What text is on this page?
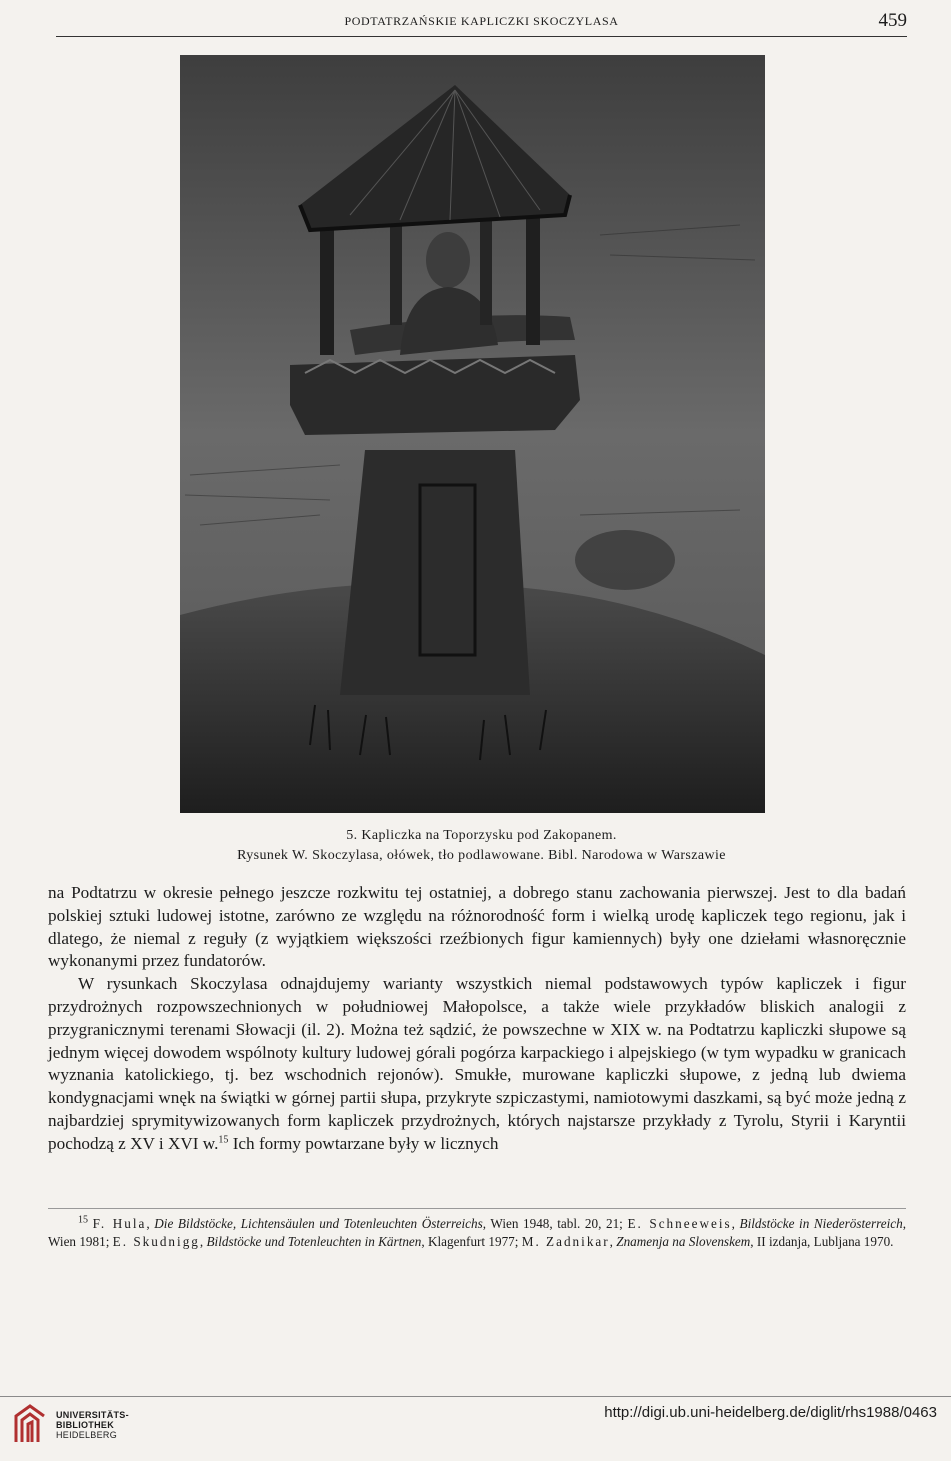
PODTATRZAŃSKIE KAPLICZKI SKOCZYLASA	459
5. Kapliczka na Toporzysku pod Zakopanem.
Rysunek W. Skoczylasa, ołówek, tło podlawowane. Bibl. Narodowa w Warszawie

na Podtatrzu w okresie pełnego jeszcze rozkwitu tej ostatniej, a dobrego stanu zachowania pierwszej. Jest to dla badań polskiej sztuki ludowej istotne, zarówno ze względu na różnorodność form i wielką urodę kapliczek tego regionu, jak i dlatego, że niemal z reguły (z wyjątkiem większości rzeźbionych figur kamiennych) były one dziełami własnoręcznie wykonanymi przez fundatorów.

W rysunkach Skoczylasa odnajdujemy warianty wszystkich niemal podstawowych typów kapliczek i figur przydrożnych rozpowszechnionych w południowej Małopolsce, a także wiele przykładów bliskich analogii z przygranicznymi terenami Słowacji (il. 2). Można też sądzić, że powszechne w XIX w. na Podtatrzu kapliczki słupowe są jednym więcej dowodem wspólnoty kultury ludowej górali pogórza karpackiego i alpejskiego (w tym wypadku w granicach wyznania katolickiego, tj. bez wschodnich rejonów). Smukłe, murowane kapliczki słupowe, z jedną lub dwiema kondygnacjami wnęk na świątki w górnej partii słupa, przykryte szpiczastymi, namiotowymi daszkami, są być może jedną z najbardziej sprymitywizowanych form kapliczek przydrożnych, których najstarsze przykłady z Tyrolu, Styrii i Karyntii pochodzą z XV i XVI w.$^{15}$ Ich formy powtarzane były w licznych

$^{15}$ F. Hula, Die Bildstöcke, Lichtensäulen und Totenleuchten Österreichs, Wien 1948, tabl. 20, 21; E. Schneeweis, Bildstöcke in Niederösterreich, Wien 1981; E. Skudnigg, Bildstöcke und Totenleuchten in Kärtnen, Klagenfurt 1977; M. Zadnikar, Znamenja na Slovenskem, II izdanja, Lubljana 1970.

UNIVERSITÄTS-
BIBLIOTHEK
HEIDELBERG
http://digi.ub.uni-heidelberg.de/diglit/rhs1988/0463
